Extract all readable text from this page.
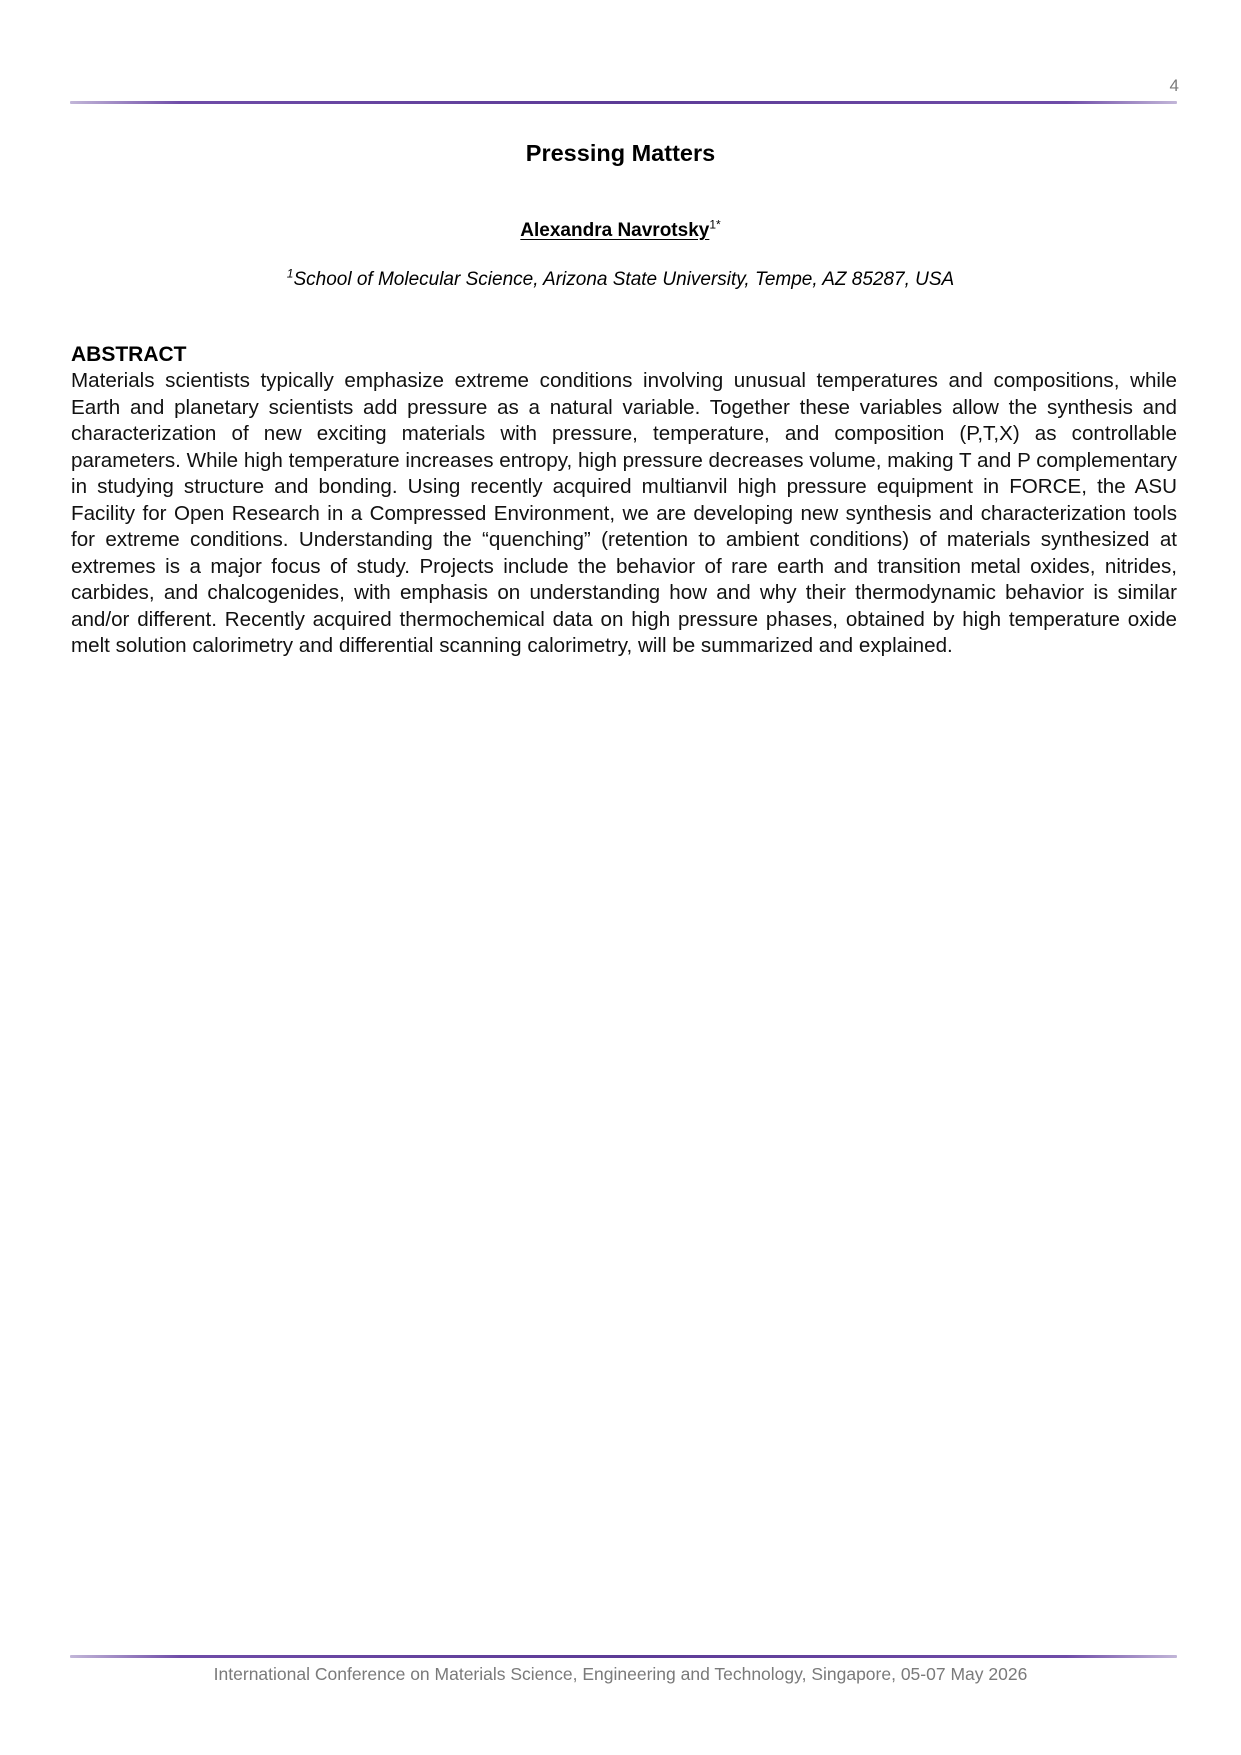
4
Pressing Matters
Alexandra Navrotsky$^{1*}$
$^1$School of Molecular Science, Arizona State University, Tempe, AZ 85287, USA
ABSTRACT

Materials scientists typically emphasize extreme conditions involving unusual temperatures and compositions, while Earth and planetary scientists add pressure as a natural variable. Together these variables allow the synthesis and characterization of new exciting materials with pressure, temperature, and composition (P,T,X) as controllable parameters. While high temperature increases entropy, high pressure decreases volume, making T and P complementary in studying structure and bonding. Using recently acquired multianvil high pressure equipment in FORCE, the ASU Facility for Open Research in a Compressed Environment, we are developing new synthesis and characterization tools for extreme conditions. Understanding the “quenching” (retention to ambient conditions) of materials synthesized at extremes is a major focus of study. Projects include the behavior of rare earth and transition metal oxides, nitrides, carbides, and chalcogenides, with emphasis on understanding how and why their thermodynamic behavior is similar and/or different. Recently acquired thermochemical data on high pressure phases, obtained by high temperature oxide melt solution calorimetry and differential scanning calorimetry, will be summarized and explained.

International Conference on Materials Science, Engineering and Technology, Singapore, 05-07 May 2026
